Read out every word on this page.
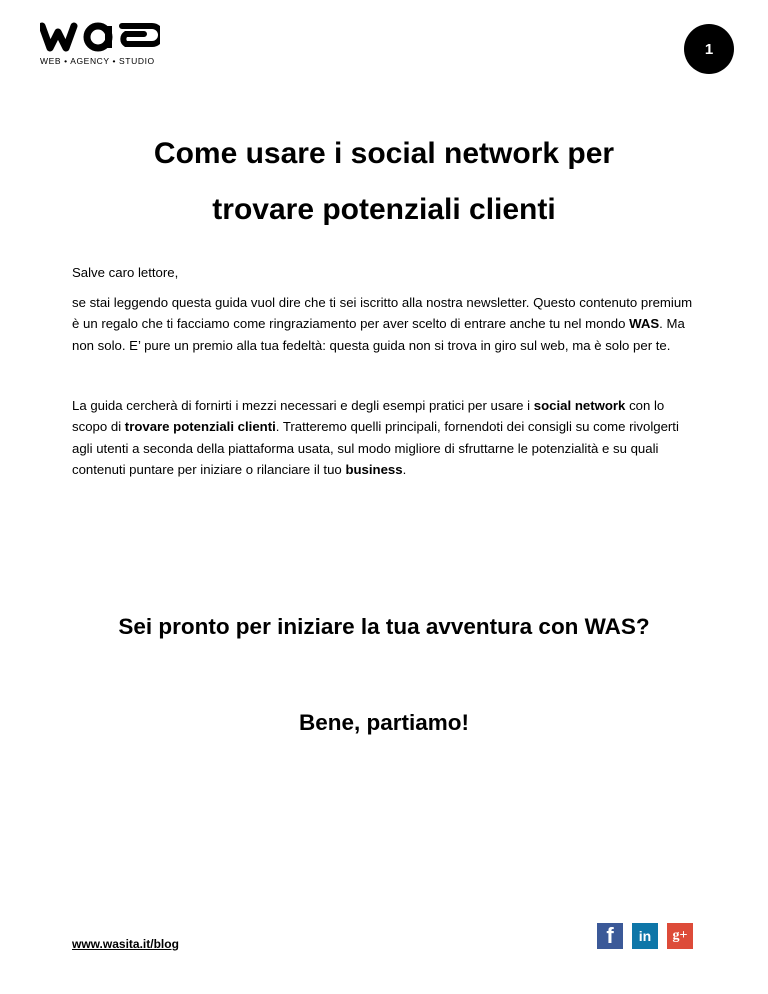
WEB • AGENCY • STUDIO
1
Come usare i social network per
trovare potenziali clienti
Salve caro lettore,
se stai leggendo questa guida vuol dire che ti sei iscritto alla nostra newsletter. Questo contenuto premium è un regalo che ti facciamo come ringraziamento per aver scelto di entrare anche tu nel mondo WAS. Ma non solo. E’ pure un premio alla tua fedeltà: questa guida non si trova in giro sul web, ma è solo per te.
La guida cercherà di fornirti i mezzi necessari e degli esempi pratici per usare i social network con lo scopo di trovare potenziali clienti. Tratteremo quelli principali, fornendoti dei consigli su come rivolgerti agli utenti a seconda della piattaforma usata, sul modo migliore di sfruttarne le potenzialità e su quali contenuti puntare per iniziare o rilanciare il tuo business.
Sei pronto per iniziare la tua avventura con WAS?
Bene, partiamo!
www.wasita.it/blog	f	in	g+
